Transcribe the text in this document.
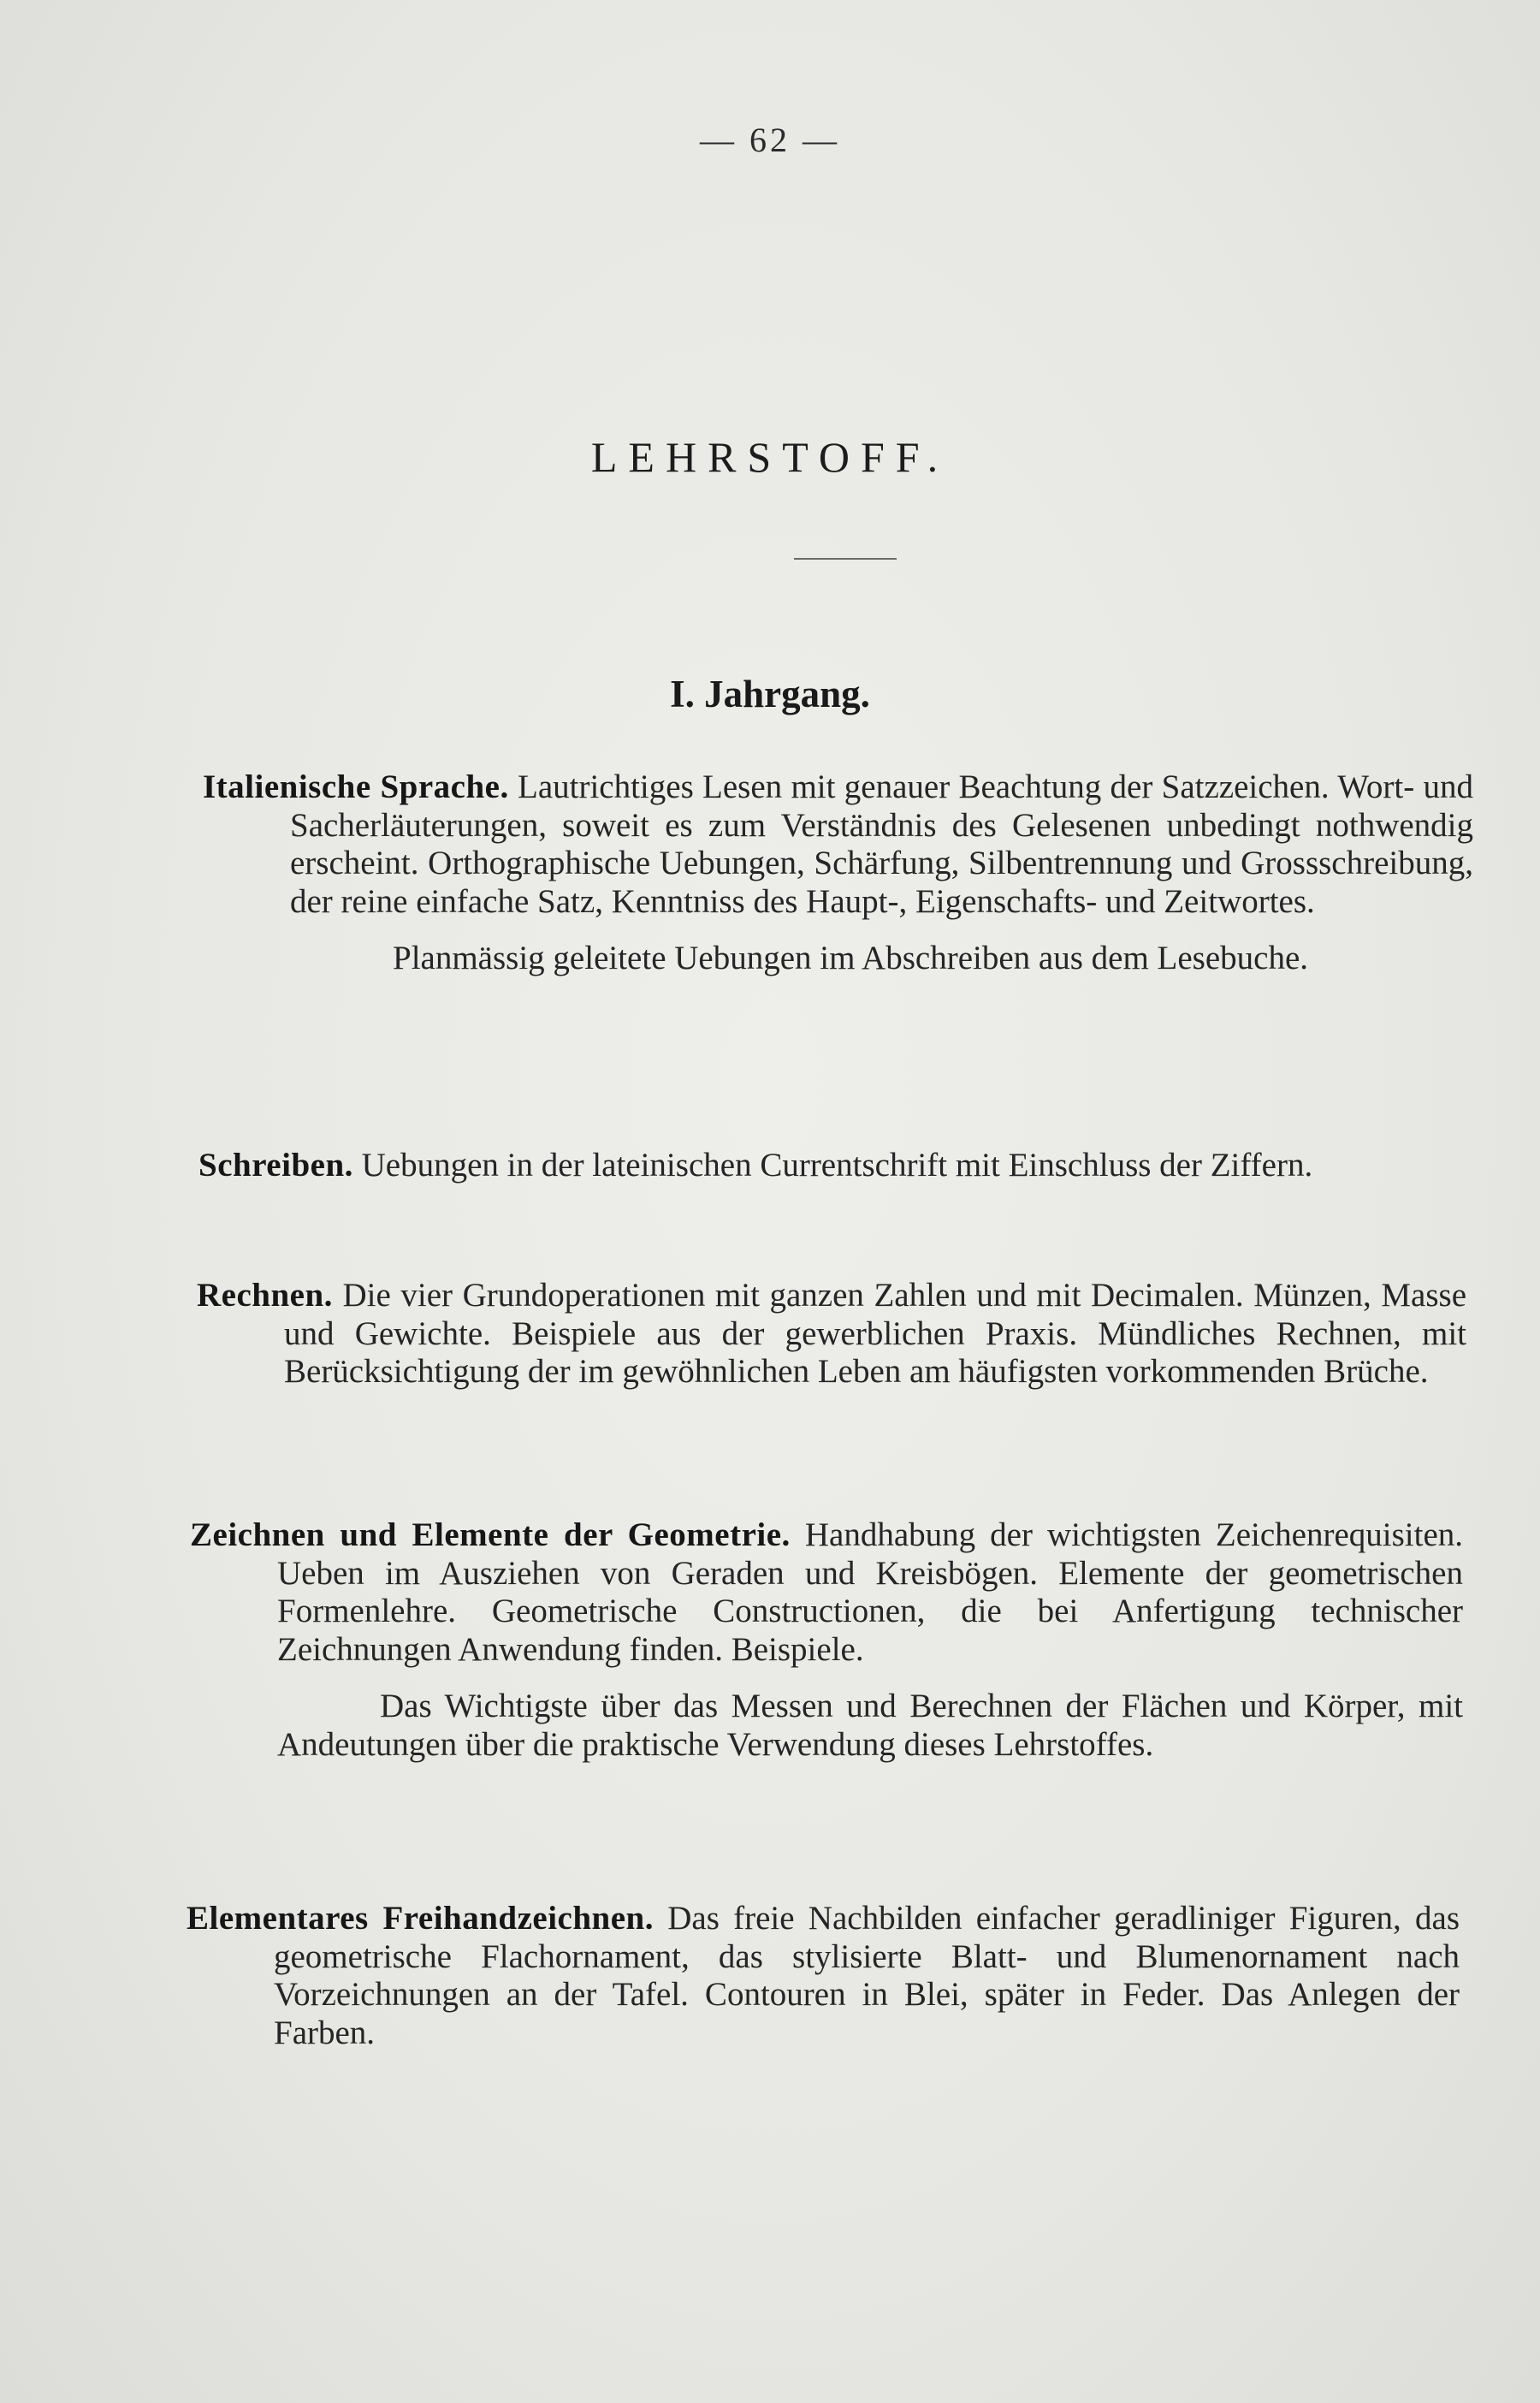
— 62 —
LEHRSTOFF.
I. Jahrgang.

Italienische Sprache. Lautrichtiges Lesen mit genauer Beachtung der Satzzeichen. Wort- und Sacherläuterungen, soweit es zum Verständnis des Gelesenen unbedingt nothwendig erscheint. Orthographische Uebungen, Schärfung, Silbentrennung und Grossschreibung, der reine einfache Satz, Kenntniss des Haupt-, Eigenschafts- und Zeitwortes.

Planmässig geleitete Uebungen im Abschreiben aus dem Lesebuche.

Schreiben. Uebungen in der lateinischen Currentschrift mit Einschluss der Ziffern.

Rechnen. Die vier Grundoperationen mit ganzen Zahlen und mit Decimalen. Münzen, Masse und Gewichte. Beispiele aus der gewerblichen Praxis. Mündliches Rechnen, mit Berücksichtigung der im gewöhnlichen Leben am häufigsten vorkommenden Brüche.

Zeichnen und Elemente der Geometrie. Handhabung der wichtigsten Zeichenrequisiten. Ueben im Ausziehen von Geraden und Kreisbögen. Elemente der geometrischen Formenlehre. Geometrische Constructionen, die bei Anfertigung technischer Zeichnungen Anwendung finden. Beispiele.

Das Wichtigste über das Messen und Berechnen der Flächen und Körper, mit Andeutungen über die praktische Verwendung dieses Lehrstoffes.

Elementares Freihandzeichnen. Das freie Nachbilden einfacher geradliniger Figuren, das geometrische Flachornament, das stylisierte Blatt- und Blumenornament nach Vorzeichnungen an der Tafel. Contouren in Blei, später in Feder. Das Anlegen der Farben.
